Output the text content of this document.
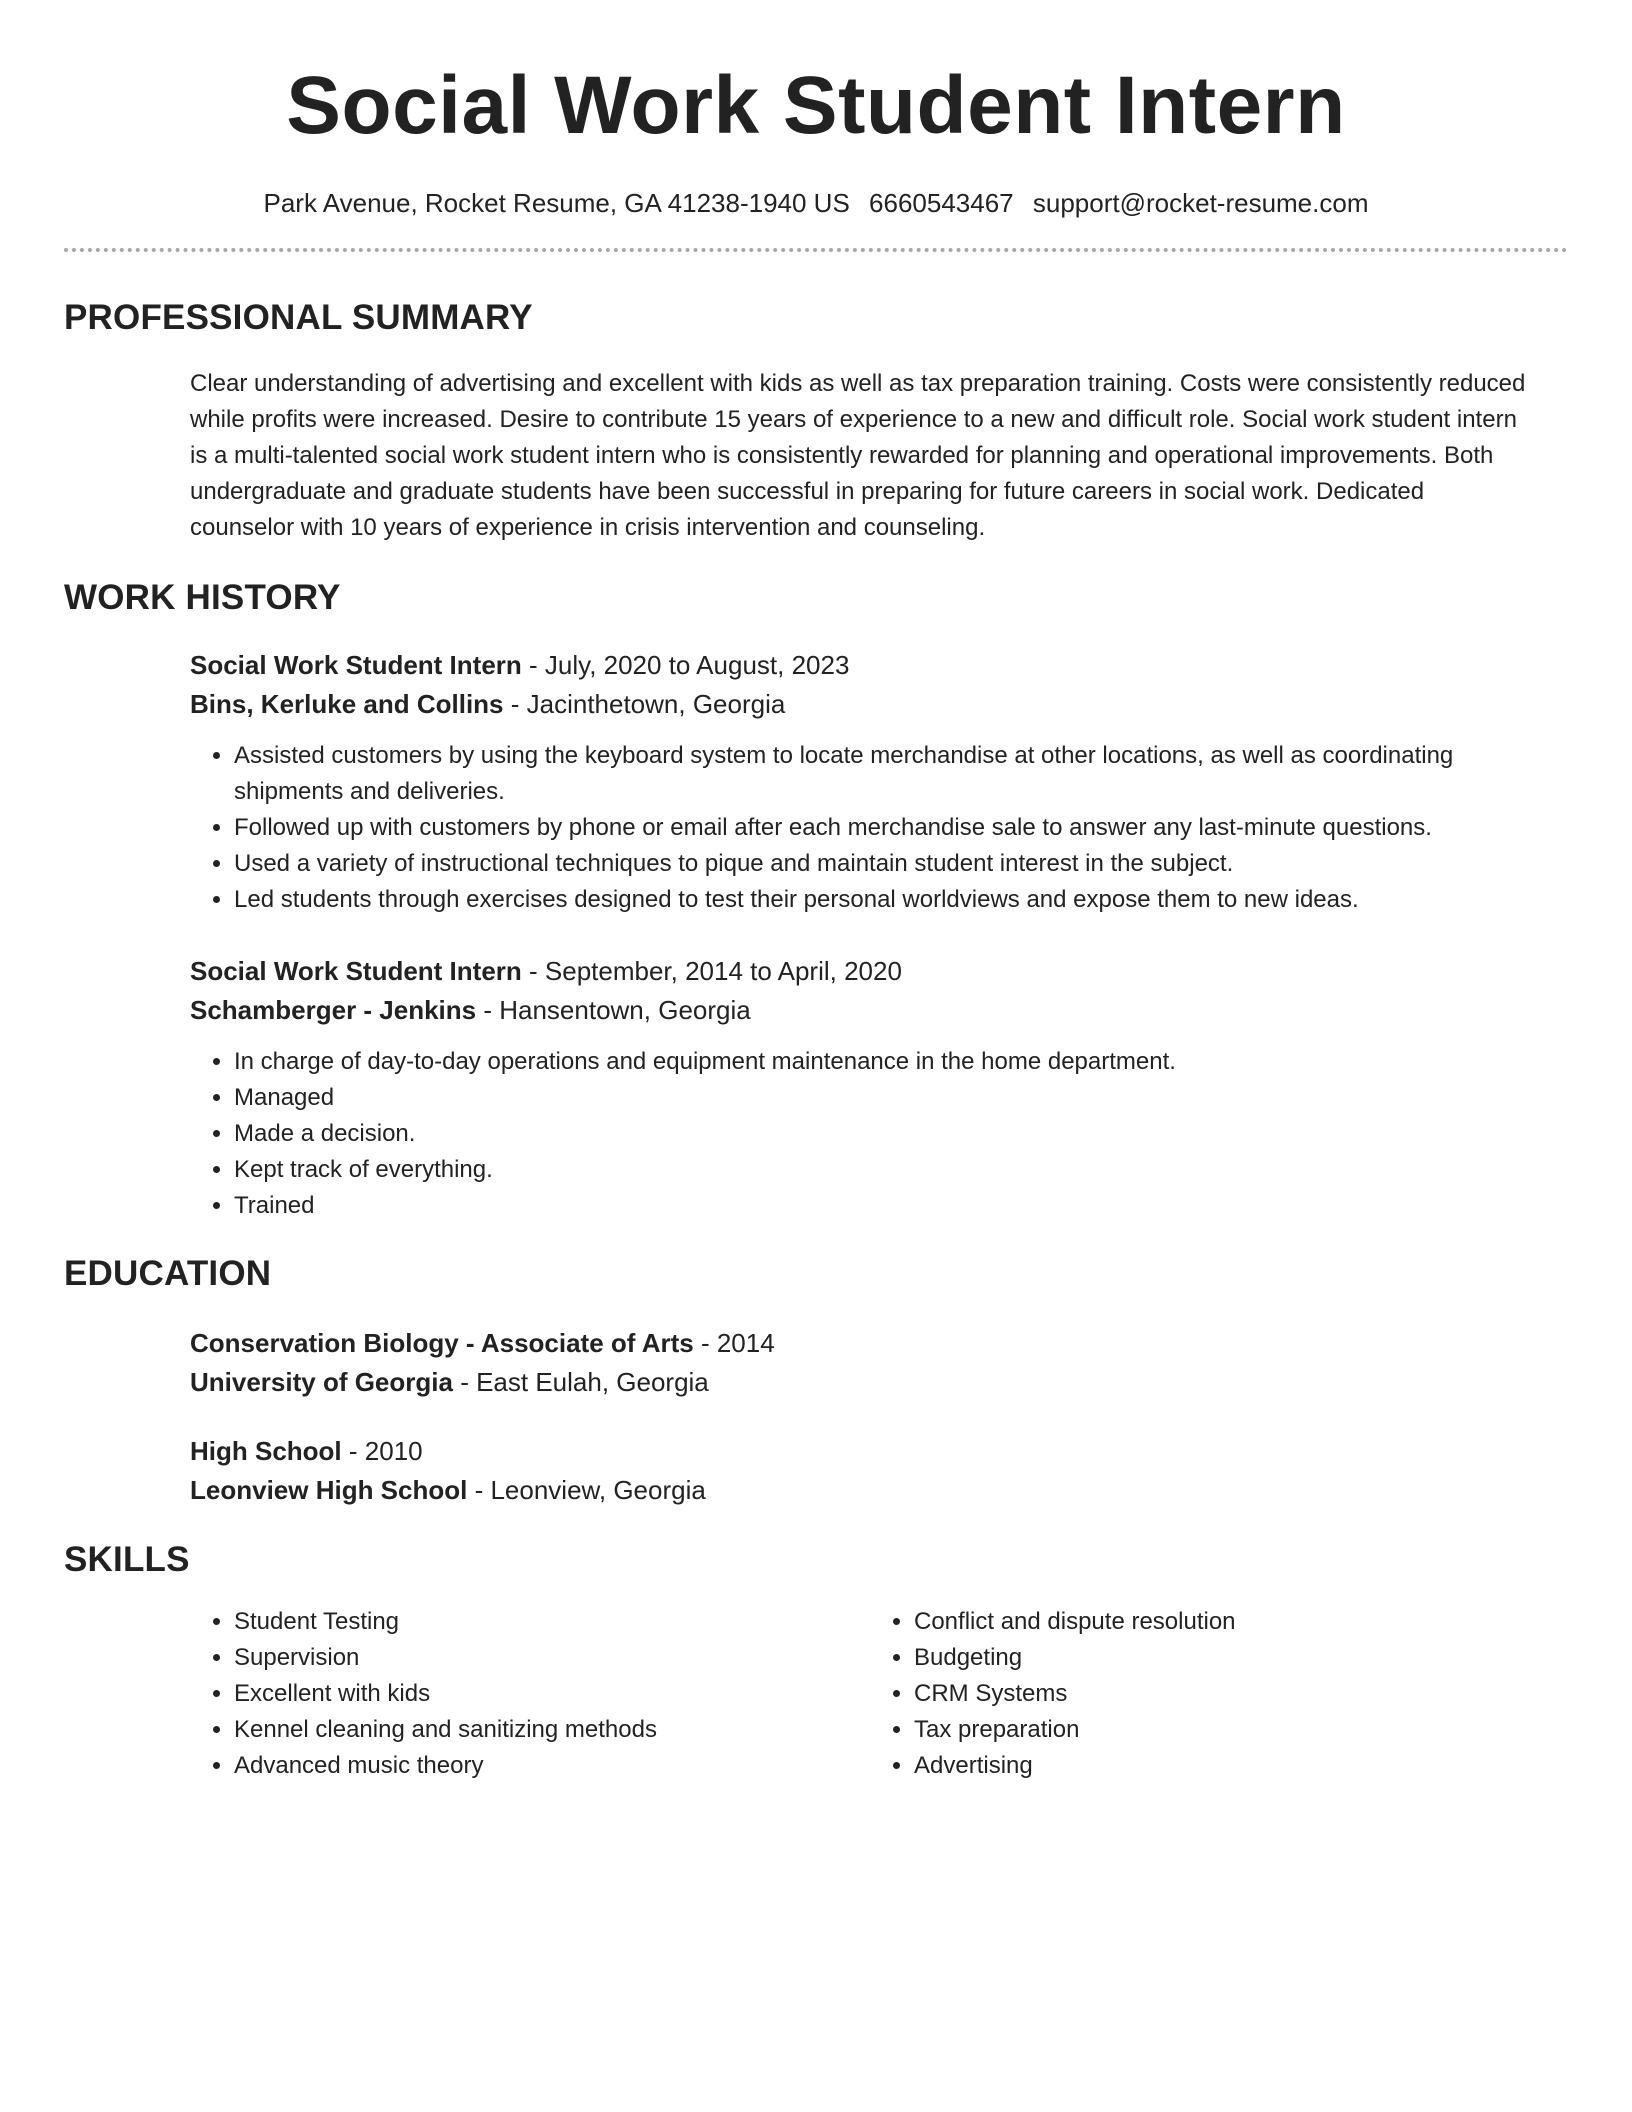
Social Work Student Intern
Park Avenue, Rocket Resume, GA 41238-1940 US 6660543467 support@rocket-resume.com
PROFESSIONAL SUMMARY

Clear understanding of advertising and excellent with kids as well as tax preparation training. Costs were consistently reduced while profits were increased. Desire to contribute 15 years of experience to a new and difficult role. Social work student intern is a multi-talented social work student intern who is consistently rewarded for planning and operational improvements. Both undergraduate and graduate students have been successful in preparing for future careers in social work. Dedicated counselor with 10 years of experience in crisis intervention and counseling.

WORK HISTORY
Social Work Student Intern - July, 2020 to August, 2023
Bins, Kerluke and Collins - Jacinthetown, Georgia
• Assisted customers by using the keyboard system to locate merchandise at other locations, as well as coordinating shipments and deliveries.
• Followed up with customers by phone or email after each merchandise sale to answer any last-minute questions.
• Used a variety of instructional techniques to pique and maintain student interest in the subject.
• Led students through exercises designed to test their personal worldviews and expose them to new ideas.
Social Work Student Intern - September, 2014 to April, 2020
Schamberger - Jenkins - Hansentown, Georgia
• In charge of day-to-day operations and equipment maintenance in the home department.
• Managed
• Made a decision.
• Kept track of everything.
• Trained
EDUCATION
Conservation Biology - Associate of Arts - 2014
University of Georgia - East Eulah, Georgia
High School - 2010
Leonview High School - Leonview, Georgia
SKILLS
• Student Testing
• Supervision
• Excellent with kids
• Kennel cleaning and sanitizing methods
• Advanced music theory
• Conflict and dispute resolution
• Budgeting
• CRM Systems
• Tax preparation
• Advertising
